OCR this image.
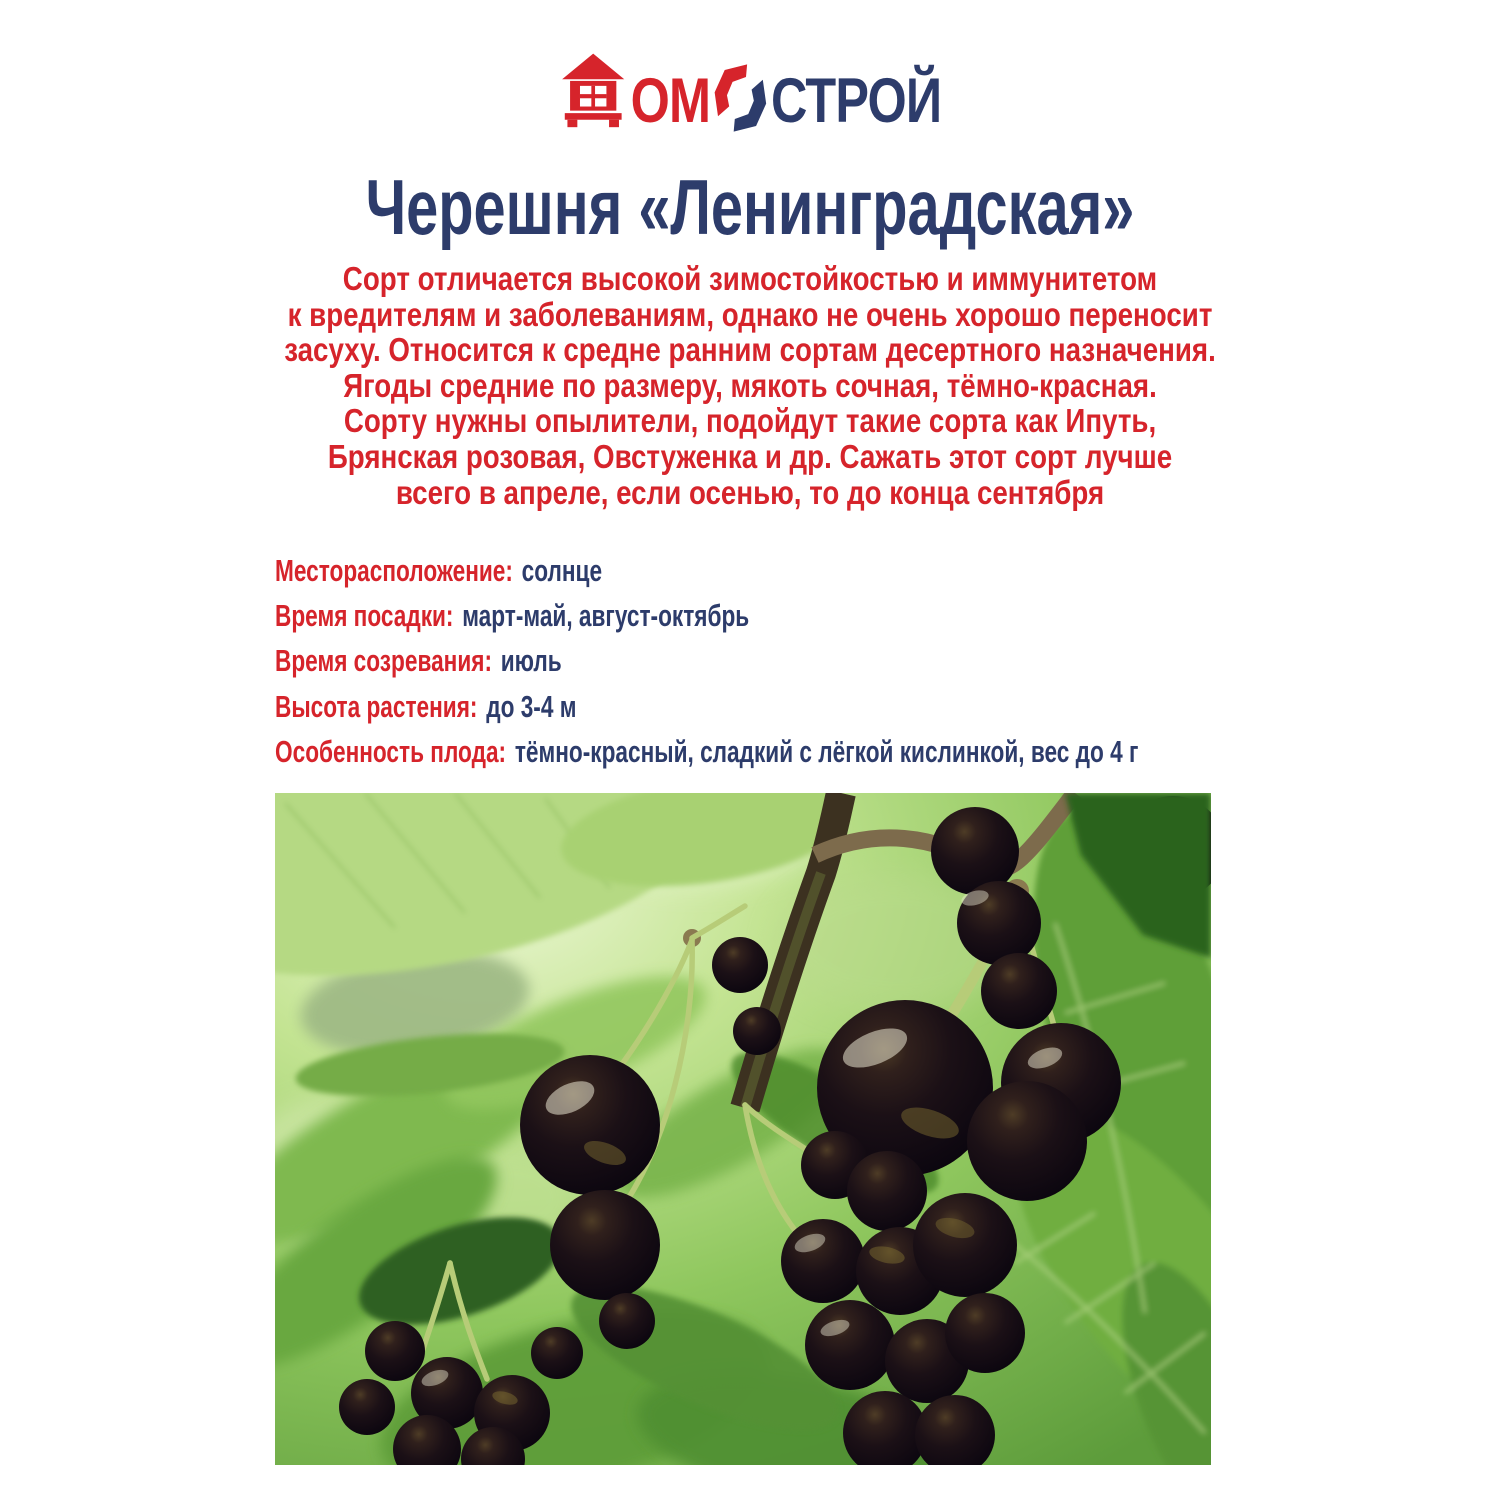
ОМ СТРОЙ
Черешня «Ленинградская»
Сорт отличается высокой зимостойкостью и иммунитетом
к вредителям и заболеваниям, однако не очень хорошо переносит
засуху. Относится к средне ранним сортам десертного назначения.
Ягоды средние по размеру, мякоть сочная, тёмно-красная.
Сорту нужны опылители, подойдут такие сорта как Ипуть,
Брянская розовая, Овстуженка и др. Сажать этот сорт лучше
всего в апреле, если осенью, то до конца сентября
Месторасположение: солнце
Время посадки: март-май, август-октябрь
Время созревания: июль
Высота растения: до 3-4 м
Особенность плода: тёмно-красный, сладкий с лёгкой кислинкой, вес до 4 г
